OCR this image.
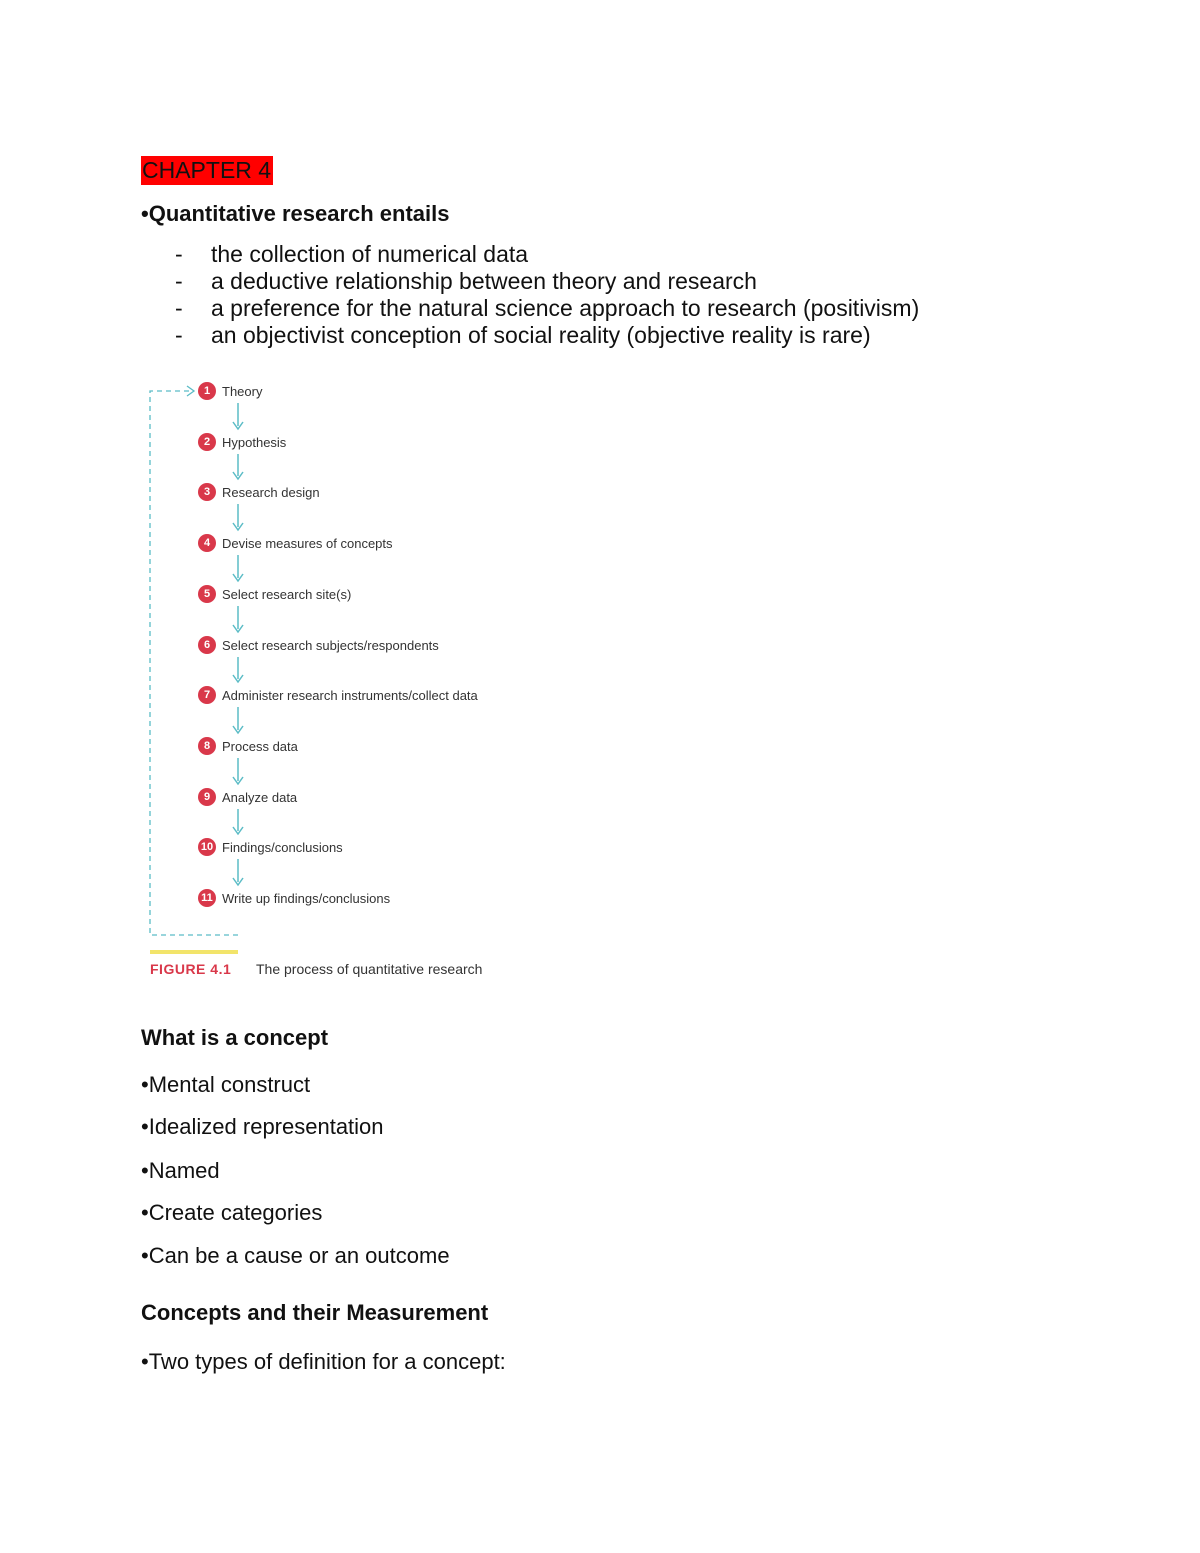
CHAPTER 4
•Quantitative research entails
-	the collection of numerical data
-	a deductive relationship between theory and research
-	a preference for the natural science approach to research (positivism)
-	an objectivist conception of social reality (objective reality is rare)
1 Theory
2 Hypothesis
3 Research design
4 Devise measures of concepts
5 Select research site(s)
6 Select research subjects/respondents
7 Administer research instruments/collect data
8 Process data
9 Analyze data
10 Findings/conclusions
11 Write up findings/conclusions
FIGURE 4.1	The process of quantitative research
What is a concept
•Mental construct
•Idealized representation
•Named
•Create categories
•Can be a cause or an outcome
Concepts and their Measurement
•Two types of definition for a concept:
